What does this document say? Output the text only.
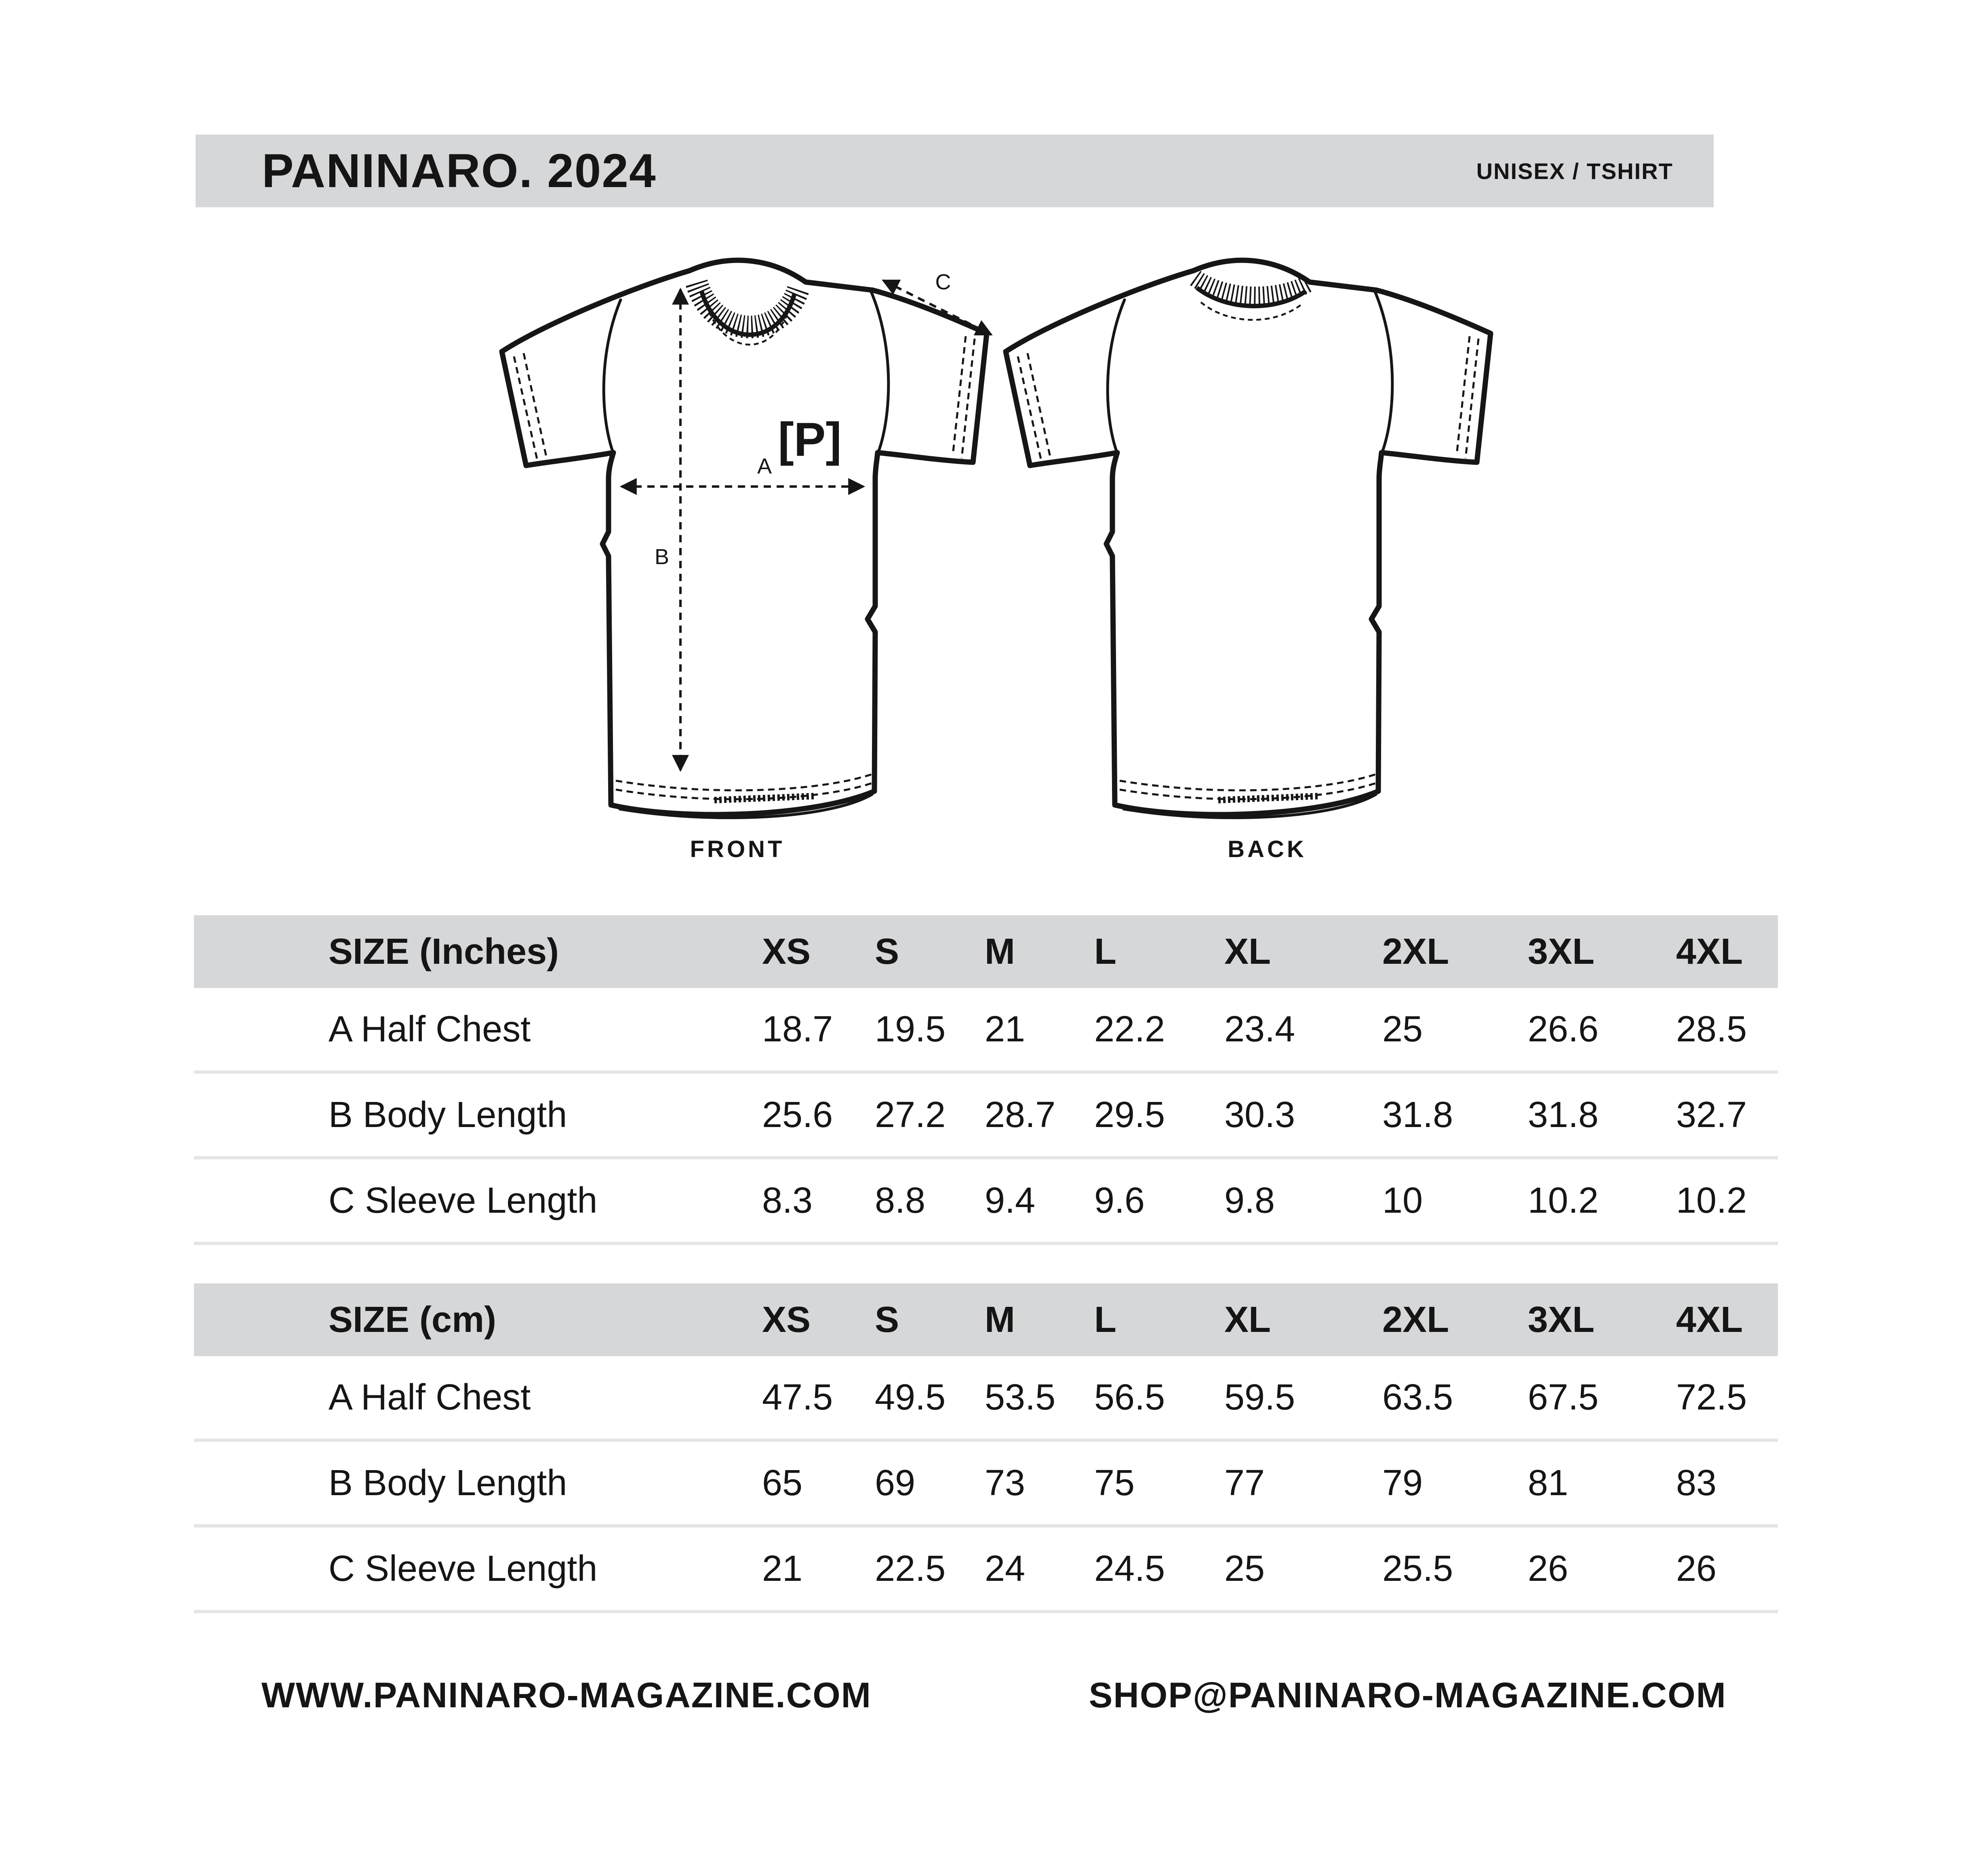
PANINARO. 2024	UNISEX / TSHIRT
[P]
A
B
C
FRONT	BACK
SIZE (Inches)	XS	S	M	L	XL	2XL	3XL	4XL
A Half Chest	18.7	19.5	21	22.2	23.4	25	26.6	28.5
B Body Length	25.6	27.2	28.7	29.5	30.3	31.8	31.8	32.7
C Sleeve Length	8.3	8.8	9.4	9.6	9.8	10	10.2	10.2
SIZE (cm)	XS	S	M	L	XL	2XL	3XL	4XL
A Half Chest	47.5	49.5	53.5	56.5	59.5	63.5	67.5	72.5
B Body Length	65	69	73	75	77	79	81	83
C Sleeve Length	21	22.5	24	24.5	25	25.5	26	26
WWW.PANINARO-MAGAZINE.COM	SHOP@PANINARO-MAGAZINE.COM
